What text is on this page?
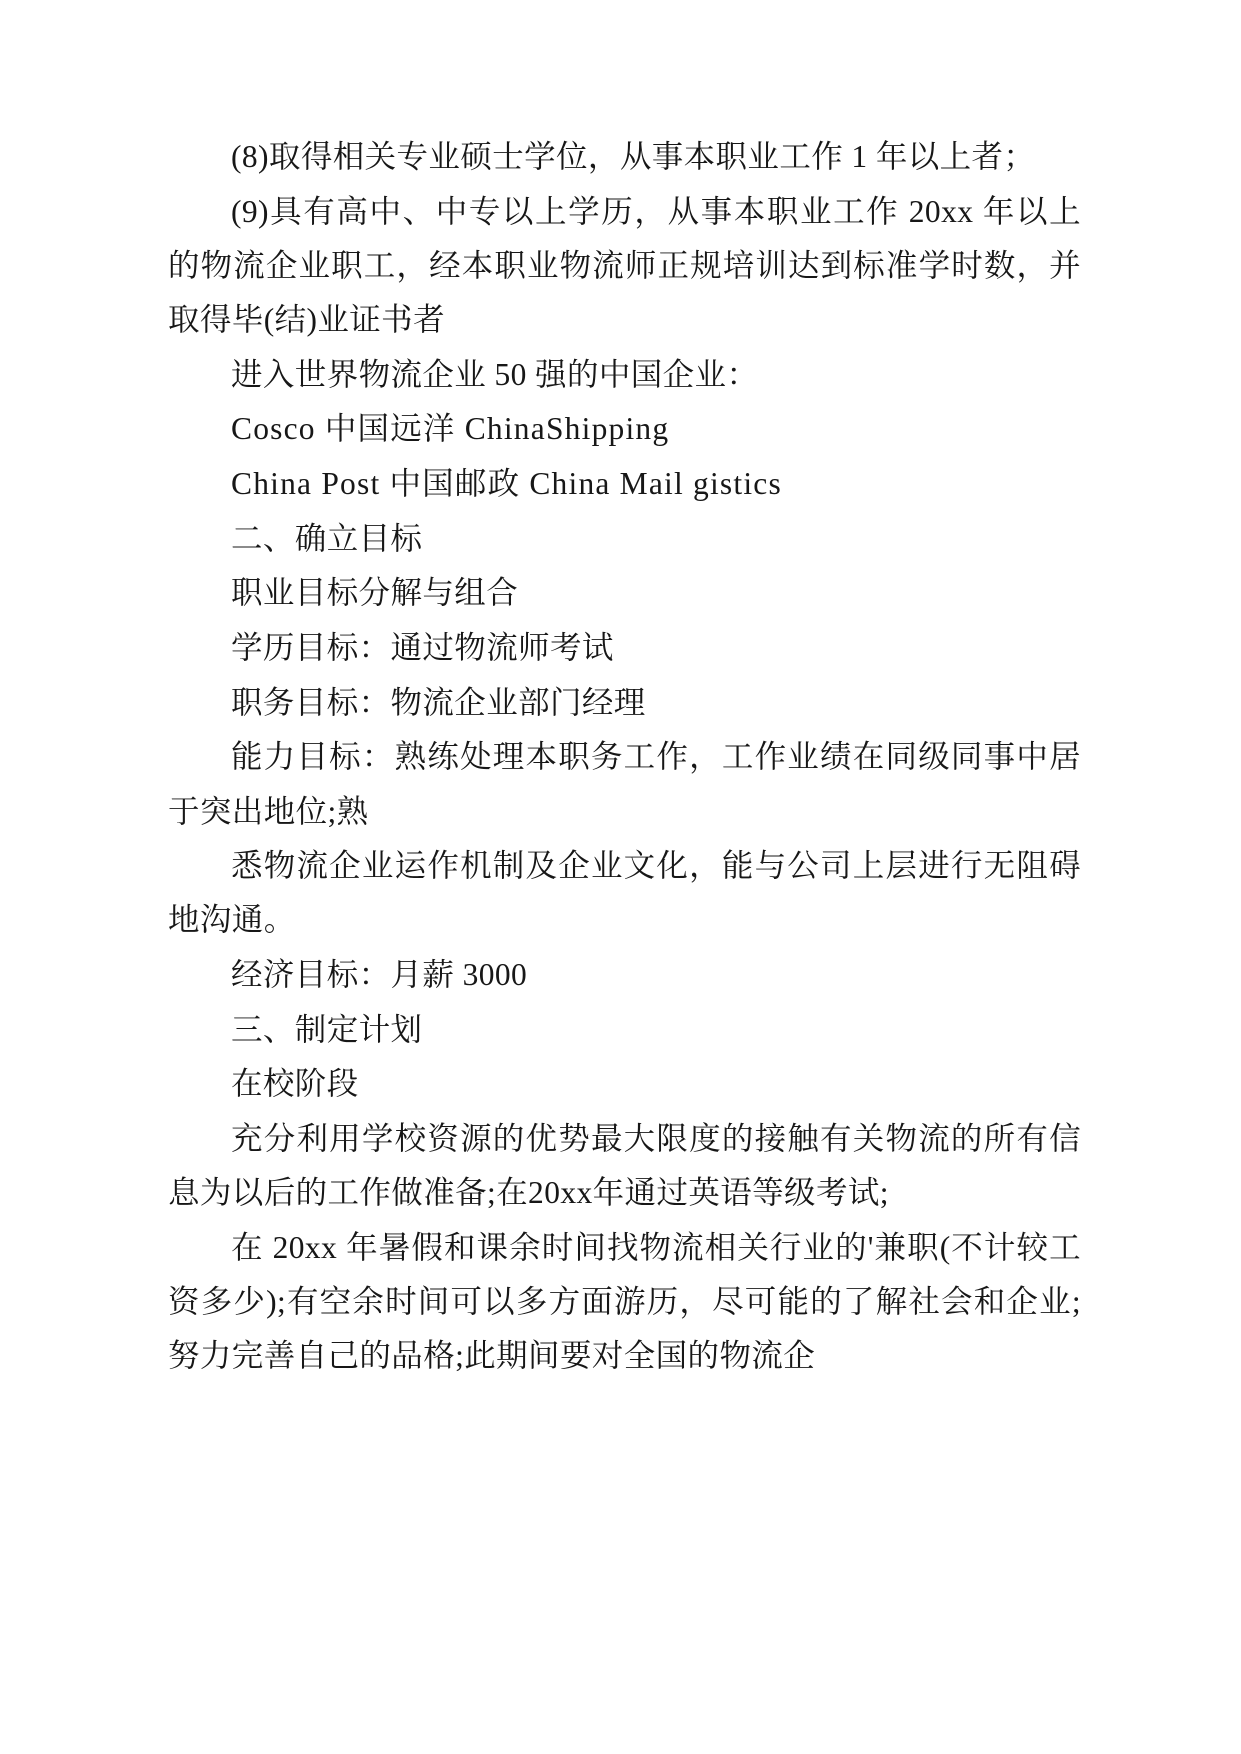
(8)取得相关专业硕士学位，从事本职业工作 1 年以上者；

(9)具有高中、中专以上学历，从事本职业工作 20xx 年以上的物流企业职工，经本职业物流师正规培训达到标准学时数，并取得毕(结)业证书者

进入世界物流企业 50 强的中国企业：

Cosco 中国远洋 ChinaShipping

China Post 中国邮政 China Mail gistics

二、确立目标

职业目标分解与组合

学历目标：通过物流师考试

职务目标：物流企业部门经理

能力目标：熟练处理本职务工作，工作业绩在同级同事中居于突出地位;熟

悉物流企业运作机制及企业文化，能与公司上层进行无阻碍地沟通。

经济目标：月薪 3000

三、制定计划

在校阶段

充分利用学校资源的优势最大限度的接触有关物流的所有信息为以后的工作做准备;在20xx年通过英语等级考试;

在 20xx 年暑假和课余时间找物流相关行业的'兼职(不计较工资多少);有空余时间可以多方面游历，尽可能的了解社会和企业;努力完善自己的品格;此期间要对全国的物流企
